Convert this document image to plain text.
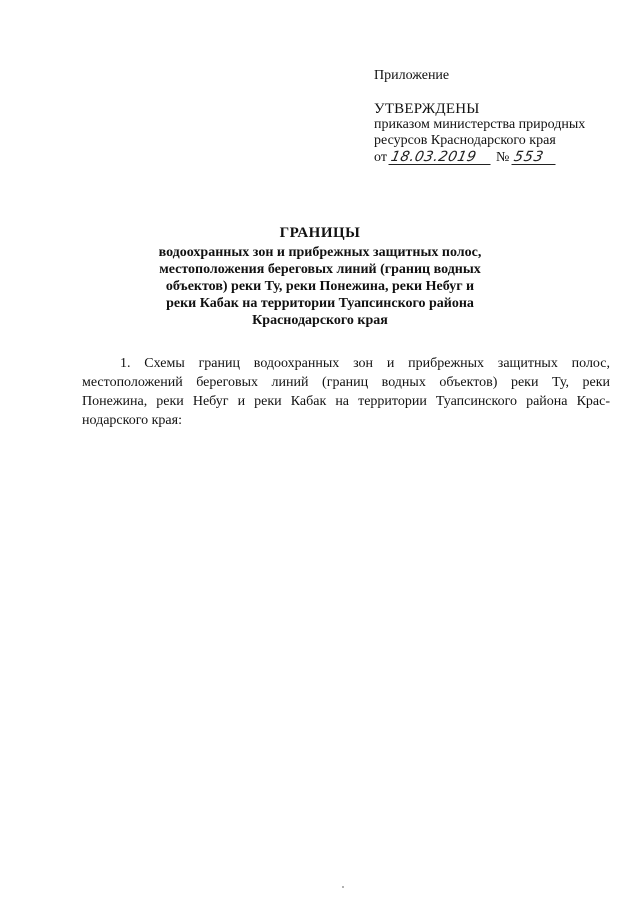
Приложение
УТВЕРЖДЕНЫ
приказом министерства природных
ресурсов Краснодарского края
от 18.03.2019 № 553
ГРАНИЦЫ
водоохранных зон и прибрежных защитных полос,
местоположения береговых линий (границ водных
объектов) реки Ту, реки Понежина, реки Небуг и
реки Кабак на территории Туапсинского района
Краснодарского края
1. Схемы границ водоохранных зон и прибрежных защитных полос,
местоположений береговых линий (границ водных объектов) реки Ту, реки
Понежина, реки Небуг и реки Кабак на территории Туапсинского района Крас-
нодарского края:
